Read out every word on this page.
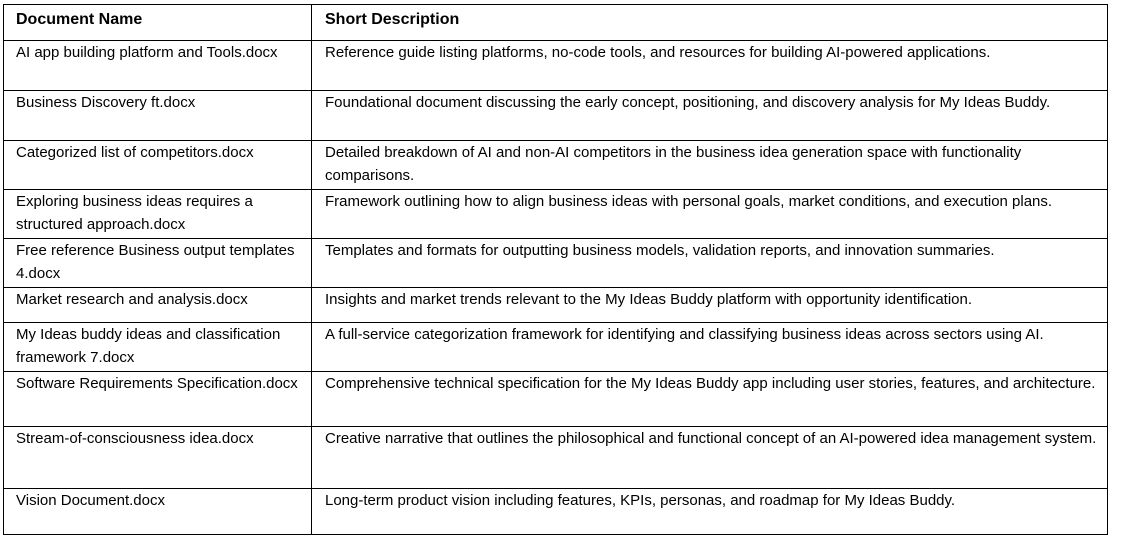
Document Name	Short Description
AI app building platform and Tools.docx	Reference guide listing platforms, no-code tools, and resources for building AI-powered applications.
Business Discovery ft.docx	Foundational document discussing the early concept, positioning, and discovery analysis for My Ideas Buddy.
Categorized list of competitors.docx	Detailed breakdown of AI and non-AI competitors in the business idea generation space with functionality comparisons.
Exploring business ideas requires a structured approach.docx	Framework outlining how to align business ideas with personal goals, market conditions, and execution plans.
Free reference Business output templates 4.docx	Templates and formats for outputting business models, validation reports, and innovation summaries.
Market research and analysis.docx	Insights and market trends relevant to the My Ideas Buddy platform with opportunity identification.
My Ideas buddy ideas and classification framework 7.docx	A full-service categorization framework for identifying and classifying business ideas across sectors using AI.
Software Requirements Specification.docx	Comprehensive technical specification for the My Ideas Buddy app including user stories, features, and architecture.
Stream-of-consciousness idea.docx	Creative narrative that outlines the philosophical and functional concept of an AI-powered idea management system.
Vision Document.docx	Long-term product vision including features, KPIs, personas, and roadmap for My Ideas Buddy.
